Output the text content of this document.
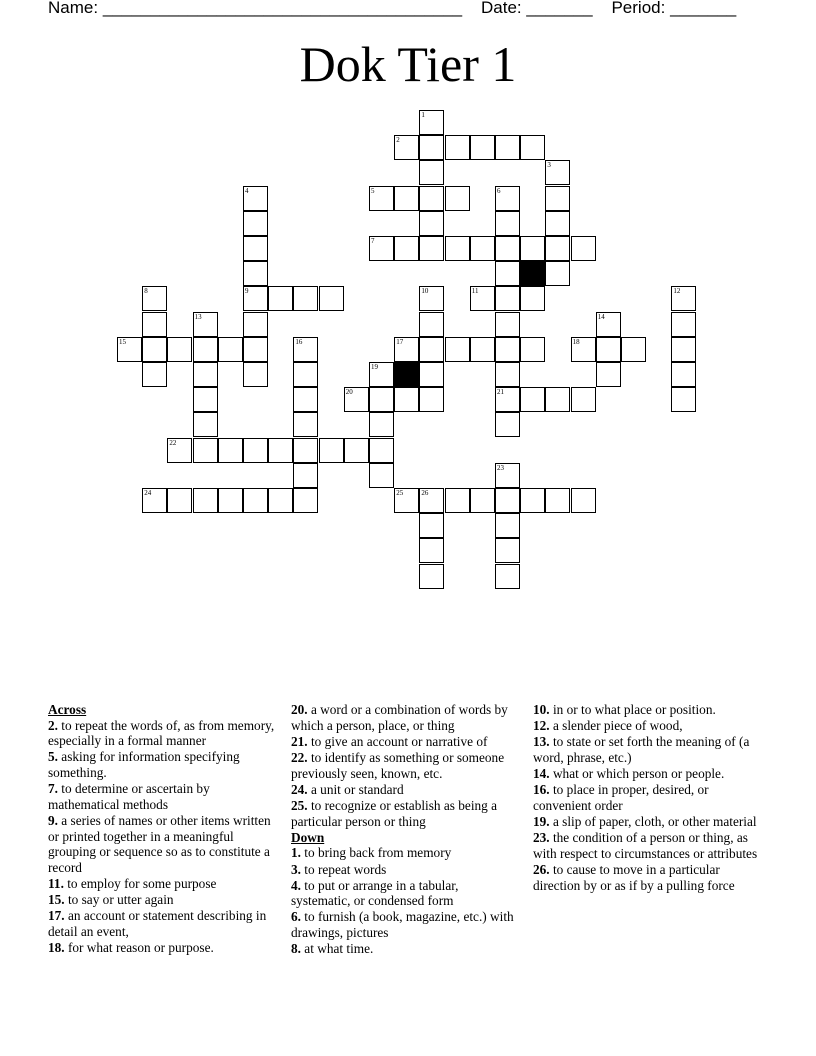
Name: ______________________________________ Date: _______ Period: _______
Dok Tier 1
1
2
3
4	5	6
7
8	9	10	11	12
13	14
15	16	17	18
19
20	21
22
23
24	25	26
Across
2. to repeat the words of, as from memory, especially in a formal manner
5. asking for information specifying something.
7. to determine or ascertain by mathematical methods
9. a series of names or other items written or printed together in a meaningful grouping or sequence so as to constitute a record
11. to employ for some purpose
15. to say or utter again
17. an account or statement describing in detail an event,
18. for what reason or purpose.
20. a word or a combination of words by which a person, place, or thing
21. to give an account or narrative of
22. to identify as something or someone previously seen, known, etc.
24. a unit or standard
25. to recognize or establish as being a particular person or thing
Down
1. to bring back from memory
3. to repeat words
4. to put or arrange in a tabular, systematic, or condensed form
6. to furnish (a book, magazine, etc.) with drawings, pictures
8. at what time.
10. in or to what place or position.
12. a slender piece of wood,
13. to state or set forth the meaning of (a word, phrase, etc.)
14. what or which person or people.
16. to place in proper, desired, or convenient order
19. a slip of paper, cloth, or other material
23. the condition of a person or thing, as with respect to circumstances or attributes
26. to cause to move in a particular direction by or as if by a pulling force
